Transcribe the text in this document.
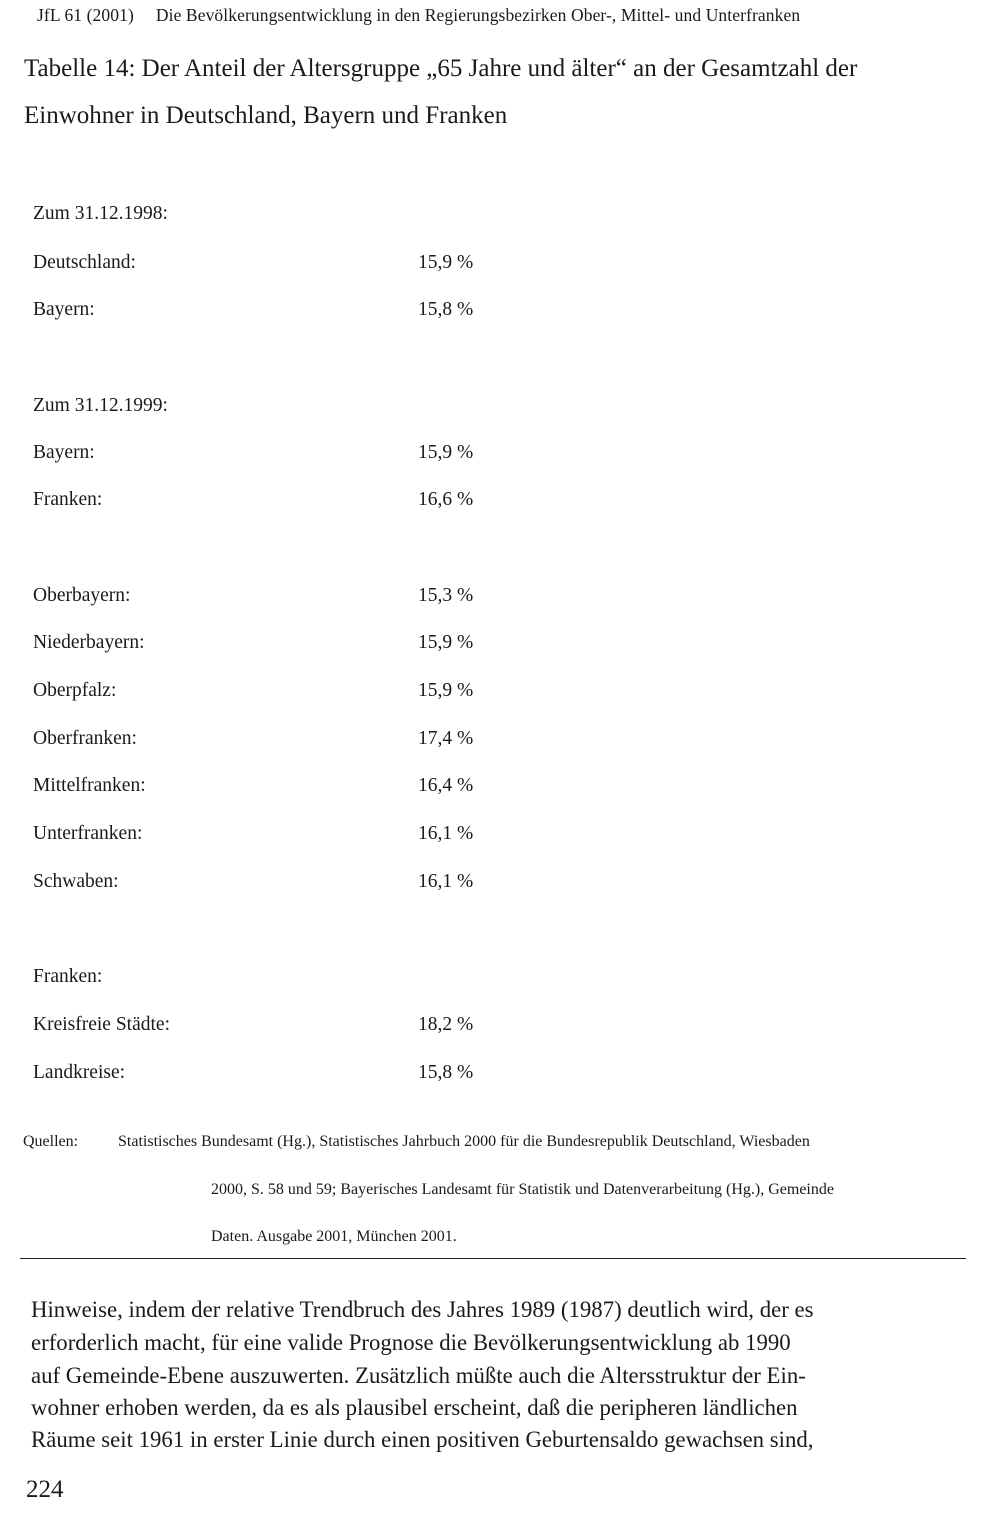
JfL 61 (2001) Die Bevölkerungsentwicklung in den Regierungsbezirken Ober-, Mittel- und Unterfranken
Tabelle 14: Der Anteil der Altersgruppe „65 Jahre und älter“ an der Gesamtzahl der
Einwohner in Deutschland, Bayern und Franken
Zum 31.12.1998:
Deutschland:	15,9 %
Bayern:	15,8 %
Zum 31.12.1999:
Bayern:	15,9 %
Franken:	16,6 %
Oberbayern:	15,3 %
Niederbayern:	15,9 %
Oberpfalz:	15,9 %
Oberfranken:	17,4 %
Mittelfranken:	16,4 %
Unterfranken:	16,1 %
Schwaben:	16,1 %
Franken:
Kreisfreie Städte:	18,2 %
Landkreise:	15,8 %
Quellen: Statistisches Bundesamt (Hg.), Statistisches Jahrbuch 2000 für die Bundesrepublik Deutschland, Wiesbaden
2000, S. 58 und 59; Bayerisches Landesamt für Statistik und Datenverarbeitung (Hg.), Gemeinde
Daten. Ausgabe 2001, München 2001.
Hinweise, indem der relative Trendbruch des Jahres 1989 (1987) deutlich wird, der es
erforderlich macht, für eine valide Prognose die Bevölkerungsentwicklung ab 1990
auf Gemeinde-Ebene auszuwerten. Zusätzlich müßte auch die Altersstruktur der Ein-
wohner erhoben werden, da es als plausibel erscheint, daß die peripheren ländlichen
Räume seit 1961 in erster Linie durch einen positiven Geburtensaldo gewachsen sind,
224
